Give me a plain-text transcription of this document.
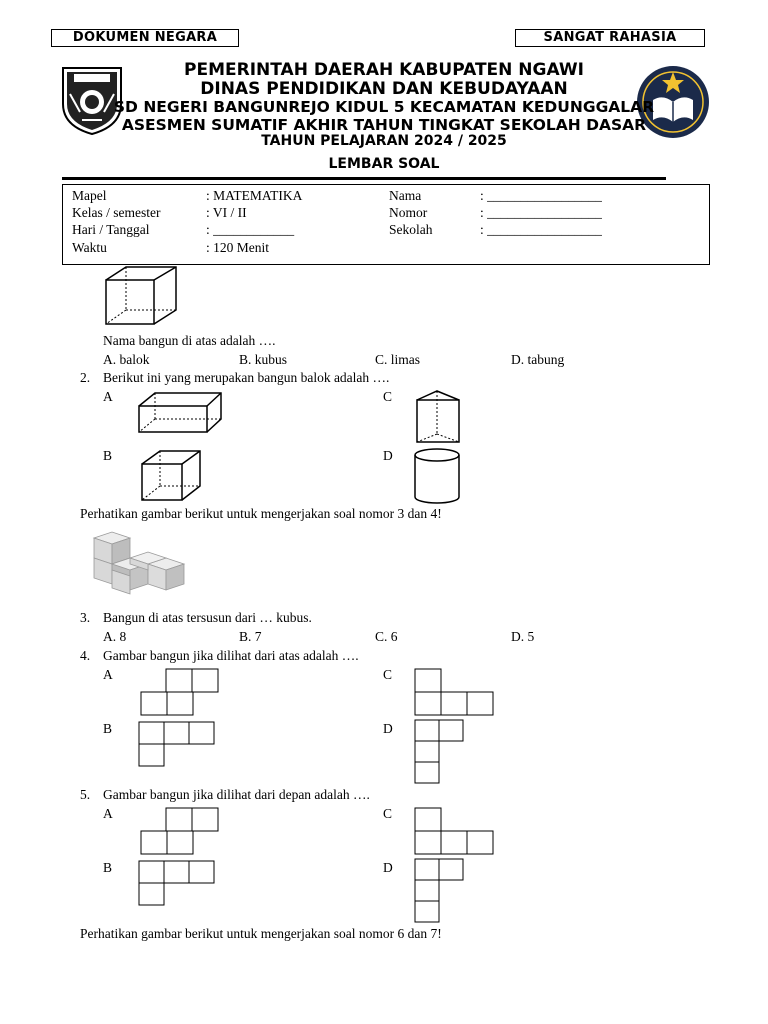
DOKUMEN NEGARA	SANGAT RAHASIA
PEMERINTAH DAERAH KABUPATEN NGAWI
DINAS PENDIDIKAN DAN KEBUDAYAAN
SD NEGERI BANGUNREJO KIDUL 5 KECAMATAN KEDUNGGALAR
ASESMEN SUMATIF AKHIR TAHUN TINGKAT SEKOLAH DASAR
TAHUN PELAJARAN 2024 / 2025
LEMBAR SOAL
Mapel	: MATEMATIKA
Kelas / semester	: VI / II
Hari / Tanggal	: ____________
Waktu	: 120 Menit
Nama	: _________________
Nomor	: _________________
Sekolah	: _________________
Nama bangun di atas adalah ….
A. balok	B. kubus	C. limas	D. tabung
2. Berikut ini yang merupakan bangun balok adalah ….
A	C
B	D
Perhatikan gambar berikut untuk mengerjakan soal nomor 3 dan 4!
3. Bangun di atas tersusun dari … kubus.
A. 8	B. 7	C. 6	D. 5
4. Gambar bangun jika dilihat dari atas adalah ….
A	C
B	D
5. Gambar bangun jika dilihat dari depan adalah ….
A	C
B	D
Perhatikan gambar berikut untuk mengerjakan soal nomor 6 dan 7!
